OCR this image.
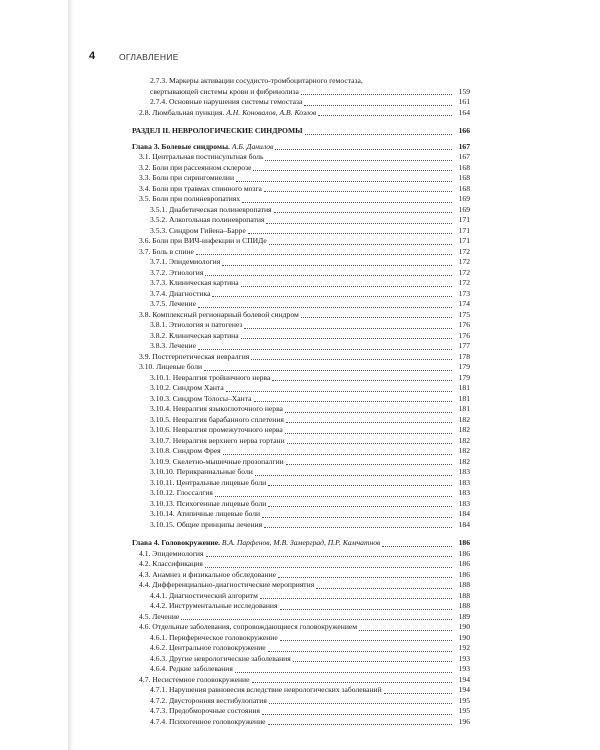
4	ОГЛАВЛЕНИЕ
2.7.3. Маркеры активации сосудисто-тромбоцитарного гемостаза,
свертывающей системы крови и фибринолиза	159
2.7.4. Основные нарушения системы гемостаза	161
2.8. Люмбальная пункция. А.Н. Коновалов, А.В. Козлов	164
РАЗДЕЛ II. НЕВРОЛОГИЧЕСКИЕ СИНДРОМЫ	166
Глава 3. Болевые синдромы. А.Б. Данилов	167
3.1. Центральная постинсультная боль	167
3.2. Боли при рассеянном склерозе	168
3.3. Боли при сирингомиелии	168
3.4. Боли при травмах спинного мозга	168
3.5. Боли при полиневропатиях	169
3.5.1. Диабетическая полиневропатия	169
3.5.2. Алкогольная полиневропатия	171
3.5.3. Синдром Гийена–Барре	171
3.6. Боли при ВИЧ-инфекции и СПИДе	171
3.7. Боль в спине	172
3.7.1. Эпидемиология	172
3.7.2. Этиология	172
3.7.3. Клиническая картина	172
3.7.4. Диагностика	173
3.7.5. Лечение	174
3.8. Комплексный регионарный болевой синдром	175
3.8.1. Этиология и патогенез	176
3.8.2. Клиническая картина	176
3.8.3. Лечение	177
3.9. Постгерпетическая невралгия	178
3.10. Лицевые боли	179
3.10.1. Невралгия тройничного нерва	179
3.10.2. Синдром Ханта	181
3.10.3. Синдром Толосы–Ханта	181
3.10.4. Невралгия языкоглоточного нерва	181
3.10.5. Невралгия барабанного сплетения	182
3.10.6. Невралгия промежуточного нерва	182
3.10.7. Невралгия верхнего нерва гортани	182
3.10.8. Синдром Фрея	182
3.10.9. Скелетно-мышечные прозопалгии	182
3.10.10. Перикраниальные боли	183
3.10.11. Центральные лицевые боли	183
3.10.12. Глоссалгия	183
3.10.13. Психогенные лицевые боли	183
3.10.14. Атипичные лицевые боли	184
3.10.15. Общие принципы лечения	184
Глава 4. Головокружение. В.А. Парфенов, М.В. Замерград, П.Р. Камчатнов	186
4.1. Эпидемиология	186
4.2. Классификация	186
4.3. Анамнез и физикальное обследование	186
4.4. Дифференциально-диагностические мероприятия	188
4.4.1. Диагностический алгоритм	188
4.4.2. Инструментальные исследования	188
4.5. Лечение	189
4.6. Отдельные заболевания, сопровождающиеся головокружением	190
4.6.1. Периферическое головокружение	190
4.6.2. Центральное головокружение	192
4.6.3. Другие неврологические заболевания	193
4.6.4. Редкие заболевания	193
4.7. Несистемное головокружение	194
4.7.1. Нарушения равновесия вследствие неврологических заболеваний	194
4.7.2. Двусторонняя вестибулопатия	195
4.7.3. Предобморочные состояния	195
4.7.4. Психогенное головокружение	196
